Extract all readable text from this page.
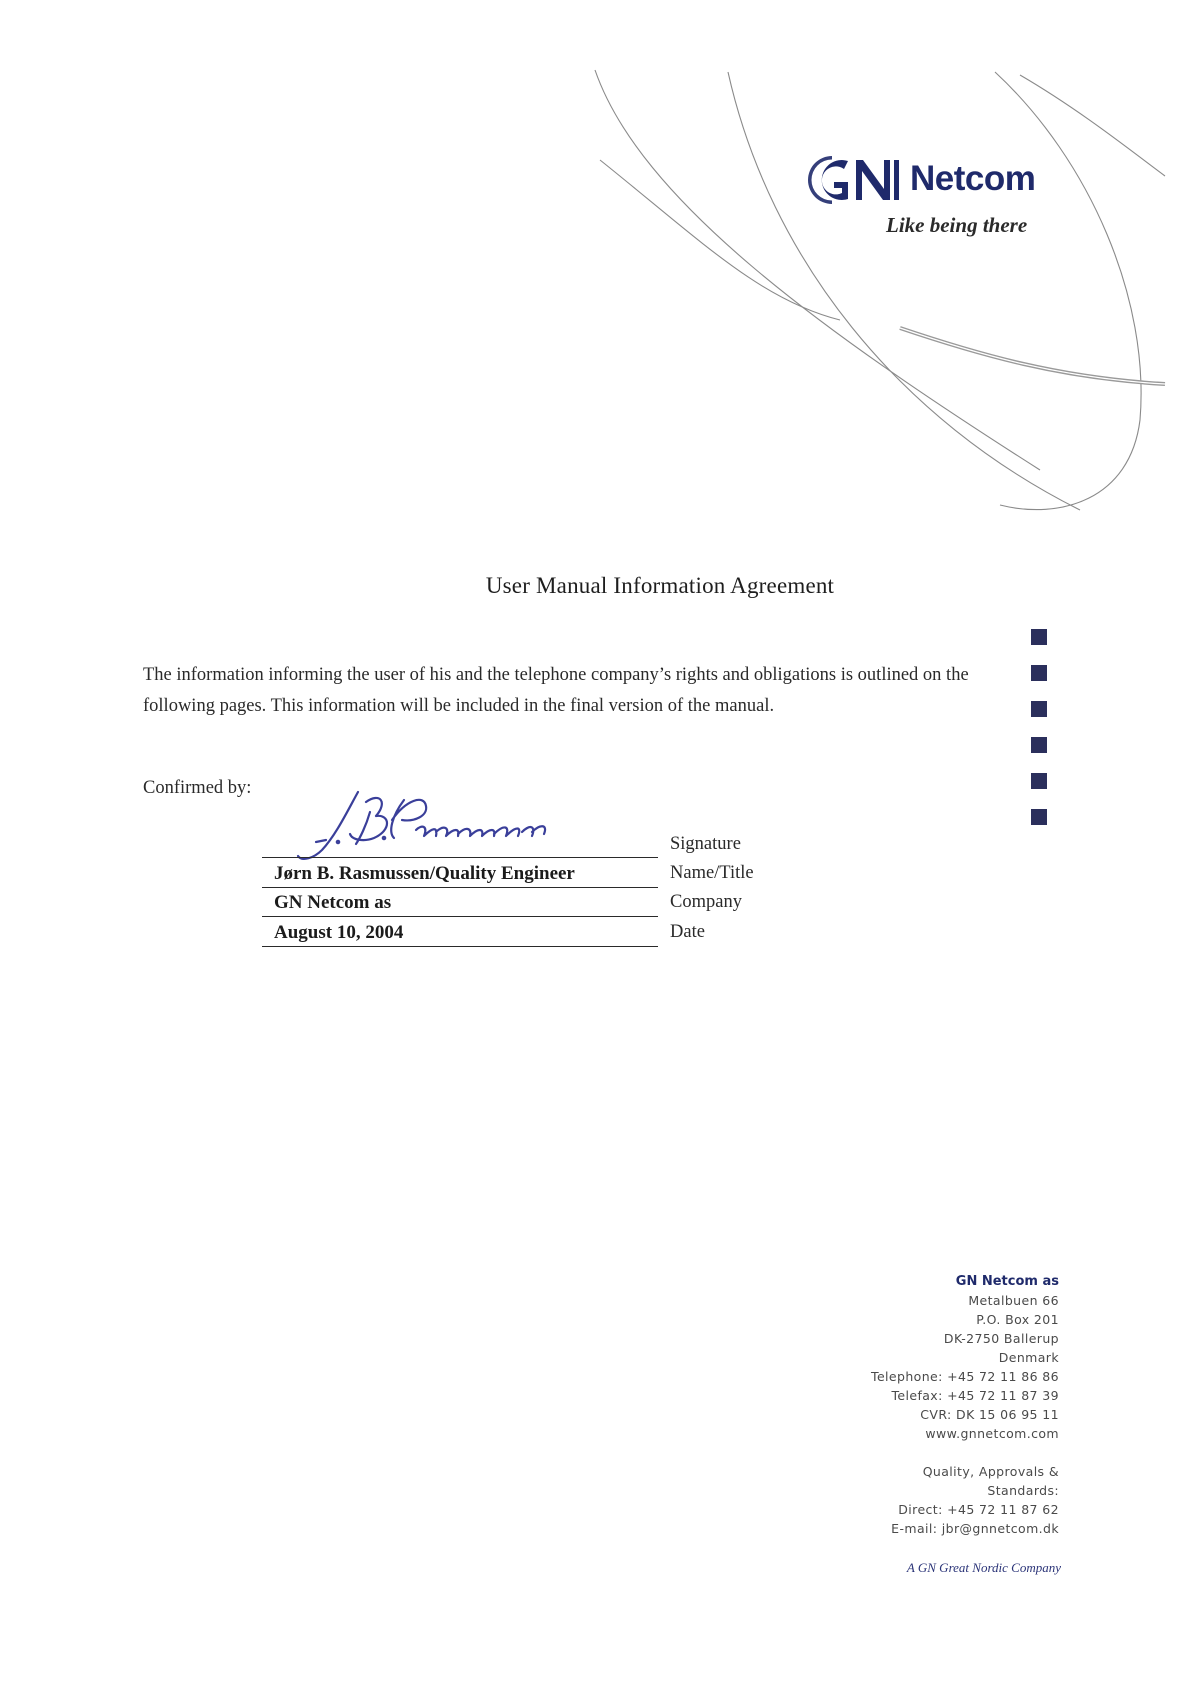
Netcom
Like being there
User Manual Information Agreement

The information informing the user of his and the telephone company’s rights and obligations is outlined on the following pages. This information will be included in the final version of the manual.

Confirmed by:
Signature
Jørn B. Rasmussen/Quality Engineer	Name/Title
GN Netcom as	Company
August 10, 2004	Date
GN Netcom as
Metalbuen 66
P.O. Box 201
DK-2750 Ballerup
Denmark
Telephone: +45 72 11 86 86
Telefax: +45 72 11 87 39
CVR: DK 15 06 95 11
www.gnnetcom.com
Quality, Approvals &
Standards:
Direct: +45 72 11 87 62
E-mail: jbr@gnnetcom.dk
A GN Great Nordic Company
